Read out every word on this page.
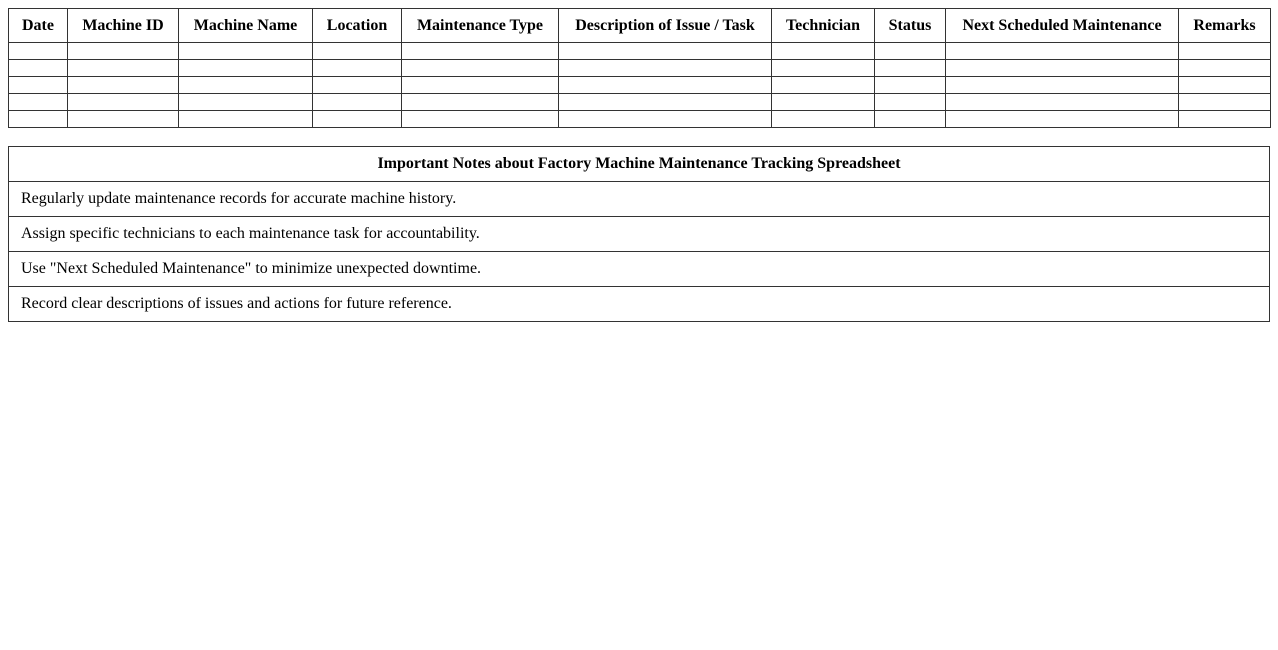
Date	Machine ID	Machine Name	Location	Maintenance Type	Description of Issue / Task	Technician	Status	Next Scheduled Maintenance	Remarks

Important Notes about Factory Machine Maintenance Tracking Spreadsheet
Regularly update maintenance records for accurate machine history.
Assign specific technicians to each maintenance task for accountability.
Use "Next Scheduled Maintenance" to minimize unexpected downtime.
Record clear descriptions of issues and actions for future reference.
